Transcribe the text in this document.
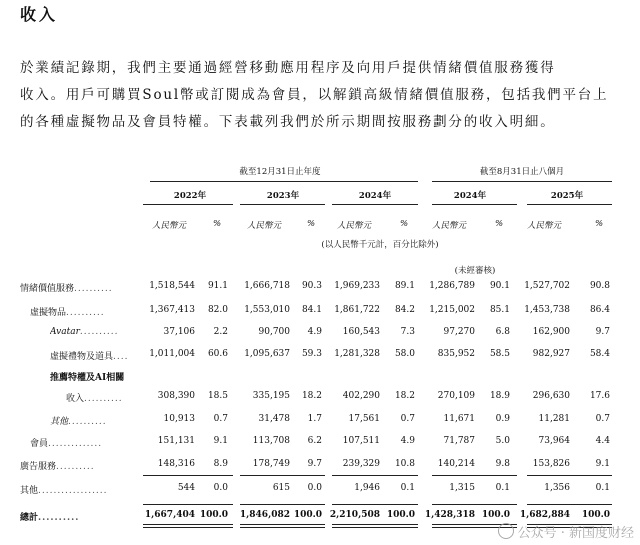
收入
於業績記錄期，我們主要通過經營移動應用程序及向用戶提供情緒價值服務獲得
收入。用戶可購買Soul幣或訂閱成為會員，以解鎖高級情緒價值服務，包括我們平台上
的各種虛擬物品及會員特權。下表載列我們於所示期間按服務劃分的收入明細。
截至12月31日止年度	截至8月31日止八個月
2022年	2023年	2024年	2024年	2025年
人民幣元	%	人民幣元	%	人民幣元	%	人民幣元	%	人民幣元	%
(以人民幣千元計，百分比除外)
(未經審核)
情緒價值服務..........	1,518,544	91.1	1,666,718	90.3	1,969,233	89.1	1,286,789	90.1	1,527,702	90.8
虛擬物品..........	1,367,413	82.0	1,553,010	84.1	1,861,722	84.2	1,215,002	85.1	1,453,738	86.4
Avatar..........	37,106	2.2	90,700	4.9	160,543	7.3	97,270	6.8	162,900	9.7
虛擬禮物及道具....	1,011,004	60.6	1,095,637	59.3	1,281,328	58.0	835,952	58.5	982,927	58.4
推薦特權及AI相關
收入..........	308,390	18.5	335,195	18.2	402,290	18.2	270,109	18.9	296,630	17.6
其他..........	10,913	0.7	31,478	1.7	17,561	0.7	11,671	0.9	11,281	0.7
會員..............	151,131	9.1	113,708	6.2	107,511	4.9	71,787	5.0	73,964	4.4
廣告服務..........	148,316	8.9	178,749	9.7	239,329	10.8	140,214	9.8	153,826	9.1
其他..................	544	0.0	615	0.0	1,946	0.1	1,315	0.1	1,356	0.1
總計..........	1,667,404 100.0	1,846,082 100.0 2,210,508 100.0	1,428,318 100.0	1,682,884	100.0
公众号 · 新国度财经
